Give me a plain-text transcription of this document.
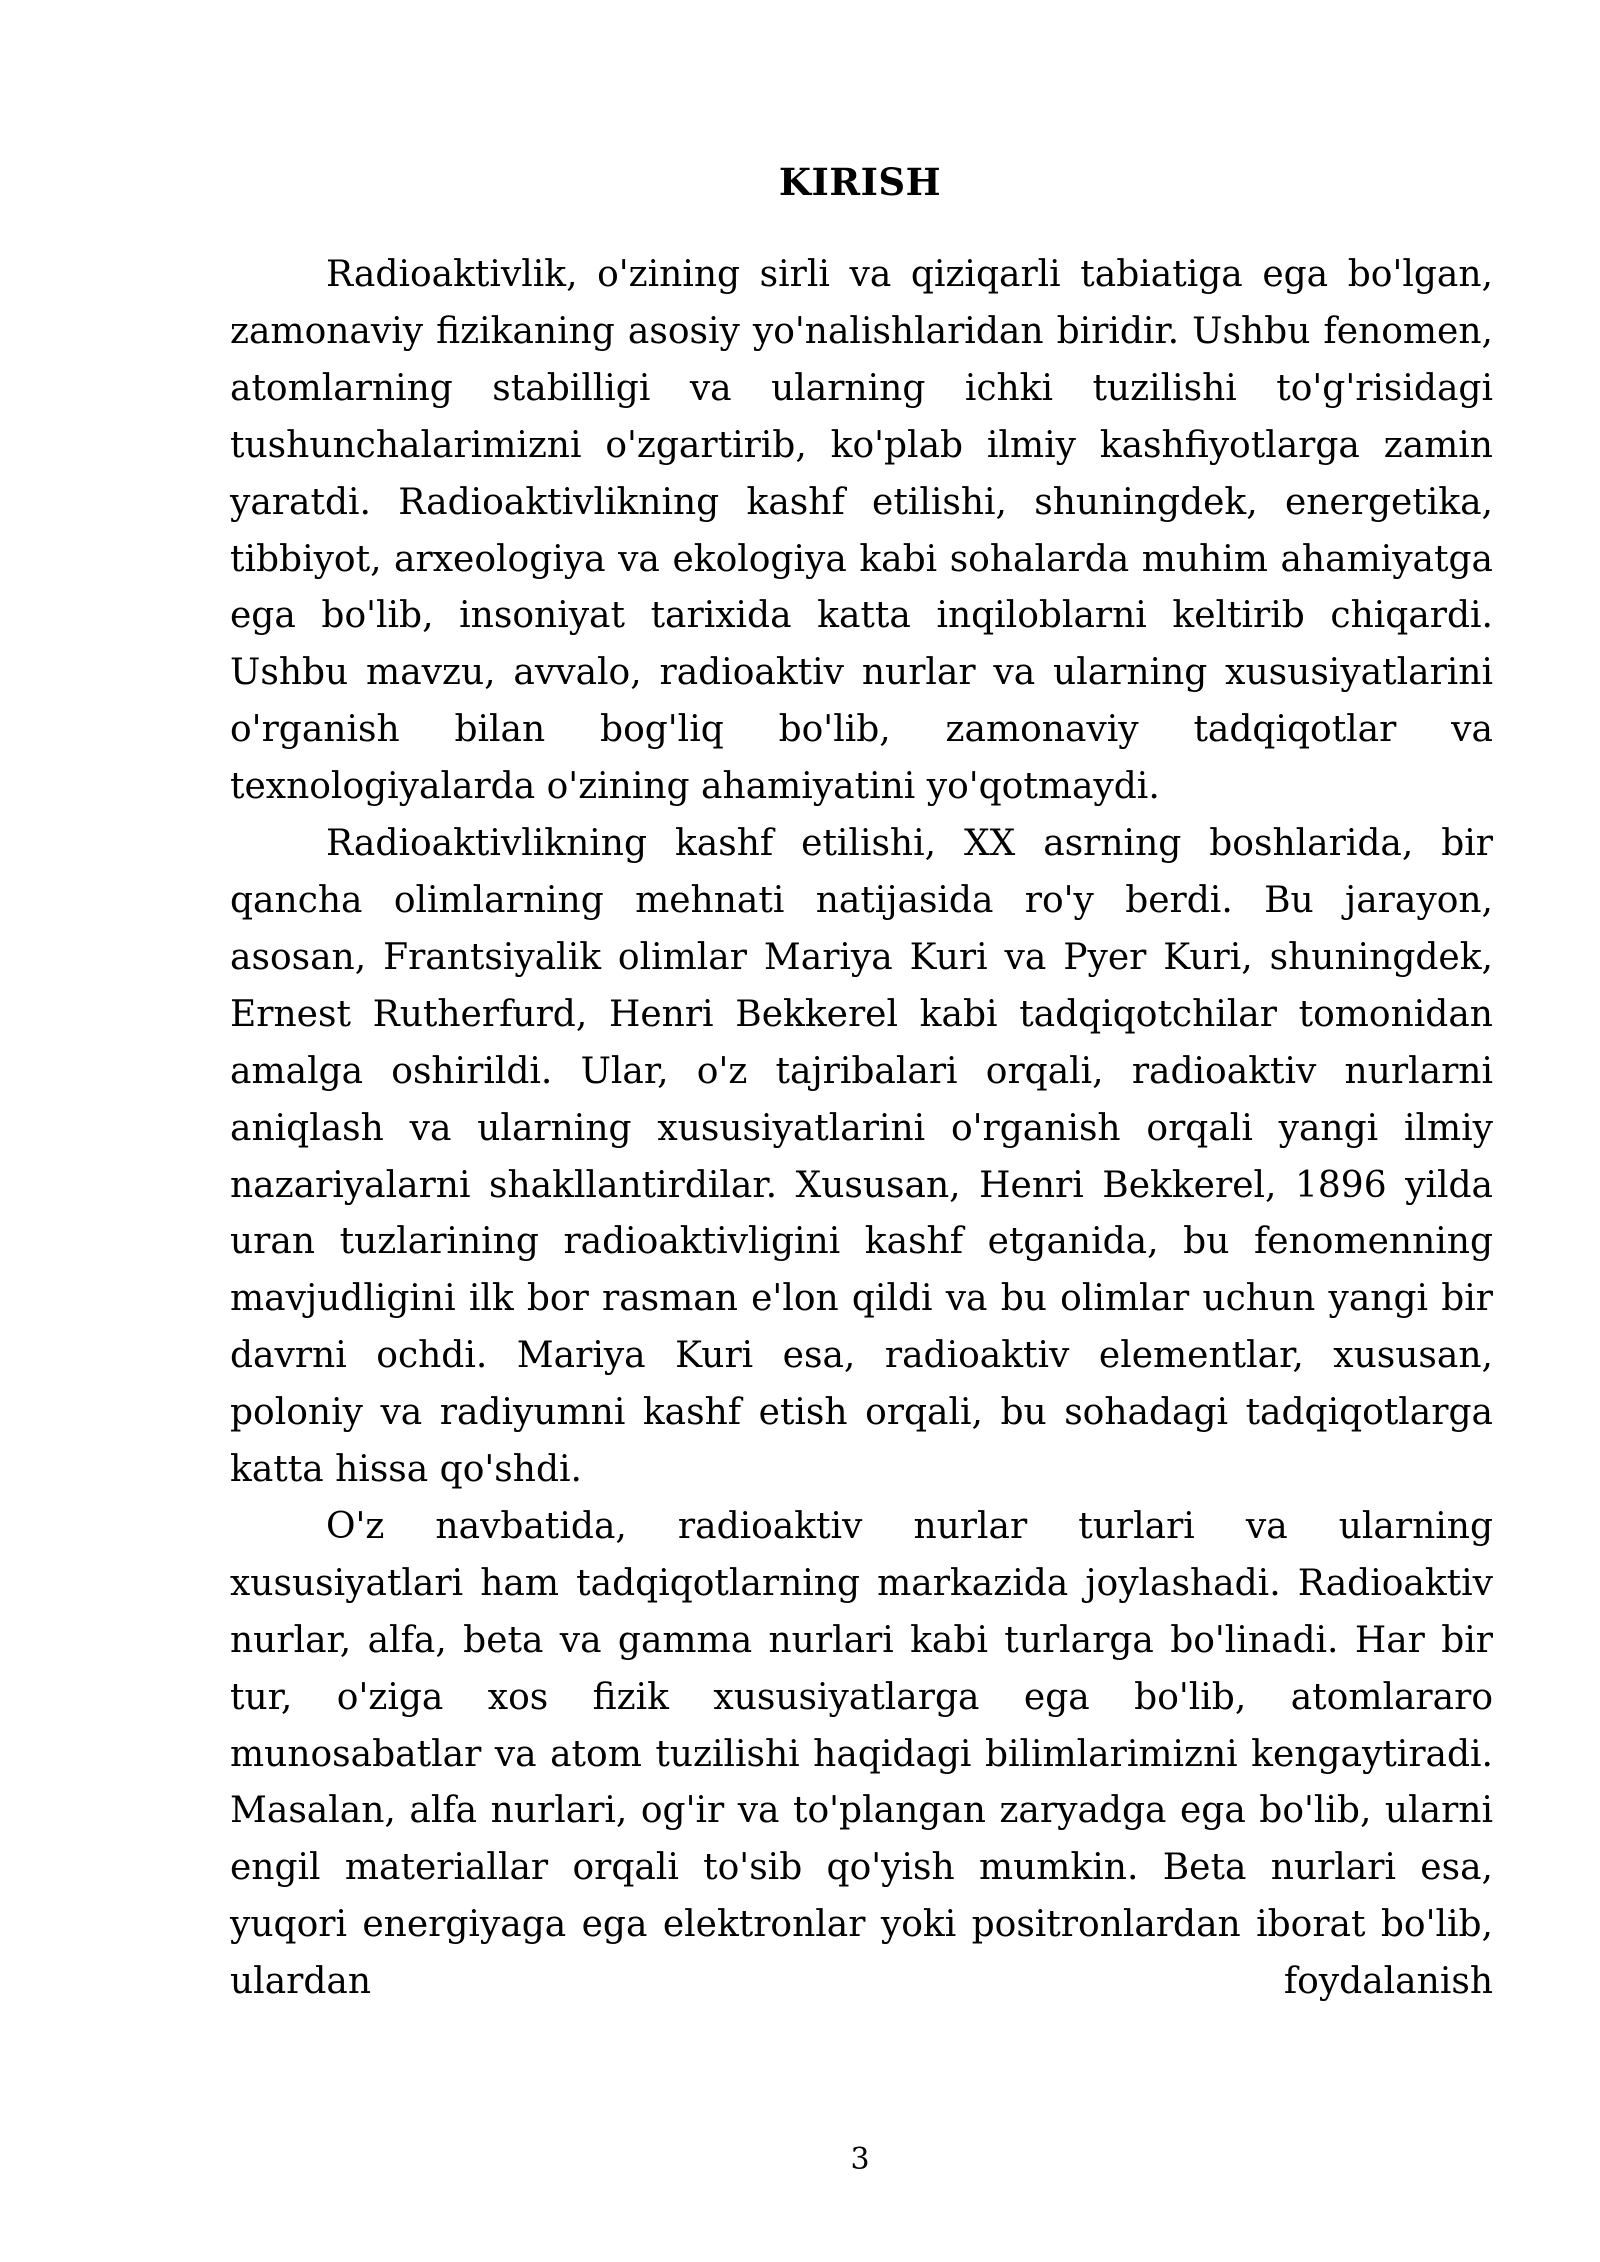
KIRISH

Radioaktivlik, o'zining sirli va qiziqarli tabiatiga ega bo'lgan, zamonaviy fizikaning asosiy yo'nalishlaridan biridir. Ushbu fenomen, atomlarning stabilligi va ularning ichki tuzilishi to'g'risidagi tushunchalarimizni o'zgartirib, ko'plab ilmiy kashfiyotlarga zamin yaratdi. Radioaktivlikning kashf etilishi, shuningdek, energetika, tibbiyot, arxeologiya va ekologiya kabi sohalarda muhim ahamiyatga ega bo'lib, insoniyat tarixida katta inqiloblarni keltirib chiqardi. Ushbu mavzu, avvalo, radioaktiv nurlar va ularning xususiyatlarini o'rganish bilan bog'liq bo'lib, zamonaviy tadqiqotlar va texnologiyalarda o'zining ahamiyatini yo'qotmaydi.

Radioaktivlikning kashf etilishi, XX asrning boshlarida, bir qancha olimlarning mehnati natijasida ro'y berdi. Bu jarayon, asosan, Frantsiyalik olimlar Mariya Kuri va Pyer Kuri, shuningdek, Ernest Rutherfurd, Henri Bekkerel kabi tadqiqotchilar tomonidan amalga oshirildi. Ular, o'z tajribalari orqali, radioaktiv nurlarni aniqlash va ularning xususiyatlarini o'rganish orqali yangi ilmiy nazariyalarni shakllantirdilar. Xususan, Henri Bekkerel, 1896 yilda uran tuzlarining radioaktivligini kashf etganida, bu fenomenning mavjudligini ilk bor rasman e'lon qildi va bu olimlar uchun yangi bir davrni ochdi. Mariya Kuri esa, radioaktiv elementlar, xususan, poloniy va radiyumni kashf etish orqali, bu sohadagi tadqiqotlarga katta hissa qo'shdi.

O'z navbatida, radioaktiv nurlar turlari va ularning xususiyatlari ham tadqiqotlarning markazida joylashadi. Radioaktiv nurlar, alfa, beta va gamma nurlari kabi turlarga bo'linadi. Har bir tur, o'ziga xos fizik xususiyatlarga ega bo'lib, atomlararo munosabatlar va atom tuzilishi haqidagi bilimlarimizni kengaytiradi. Masalan, alfa nurlari, og'ir va to'plangan zaryadga ega bo'lib, ularni engil materiallar orqali to'sib qo'yish mumkin. Beta nurlari esa, yuqori energiyaga ega elektronlar yoki positronlardan iborat bo'lib, ulardan foydalanish

3
